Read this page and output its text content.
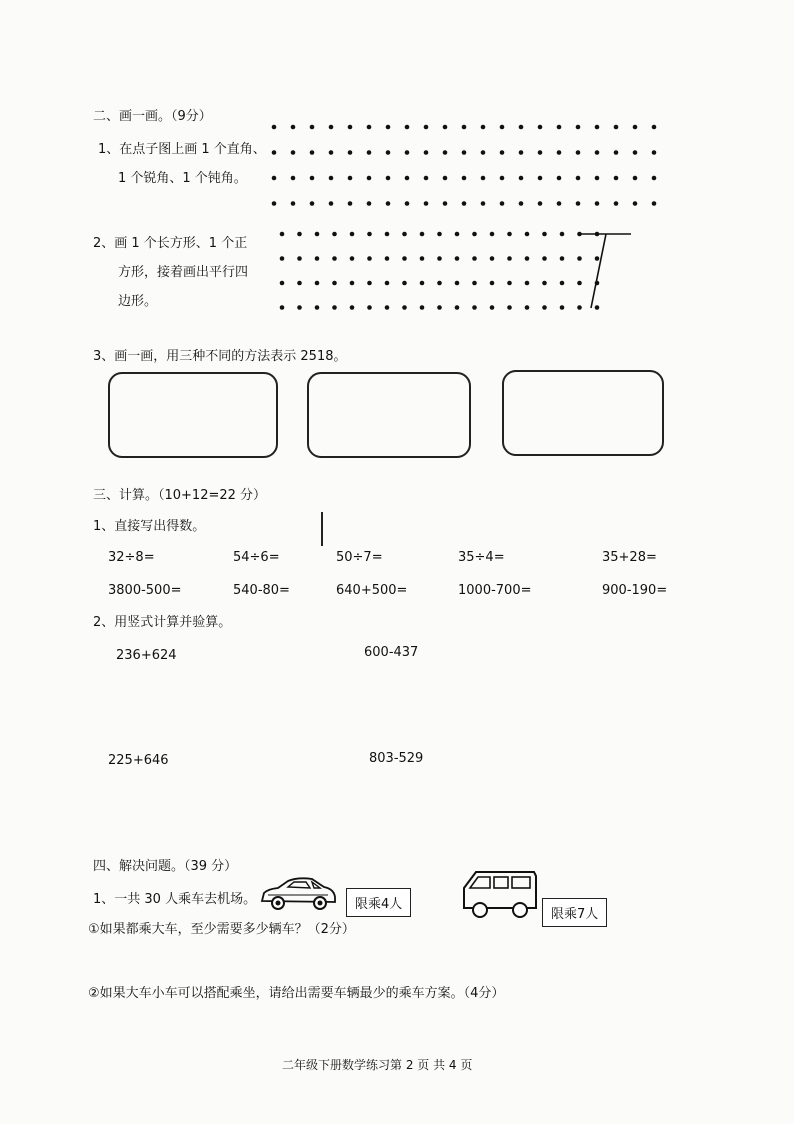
二、画一画。（9分）
1、在点子图上画 1 个直角、
1 个锐角、1 个钝角。
2、画 1 个长方形、1 个正
方形，接着画出平行四
边形。
3、画一画，用三种不同的方法表示 2518。
三、计算。（10+12=22 分）
1、直接写出得数。
32÷8=	54÷6=	50÷7=	35÷4=	35+28=
3800-500=	540-80=	640+500=	1000-700=	900-190=
2、用竖式计算并验算。
236+624	600-437
225+646	803-529
四、解决问题。（39 分）
1、一共 30 人乘车去机场。	限乘4人
限乘7人
①如果都乘大车，至少需要多少辆车？（2分）
②如果大车小车可以搭配乘坐，请给出需要车辆最少的乘车方案。（4分）
二年级下册数学练习第 2 页 共 4 页
